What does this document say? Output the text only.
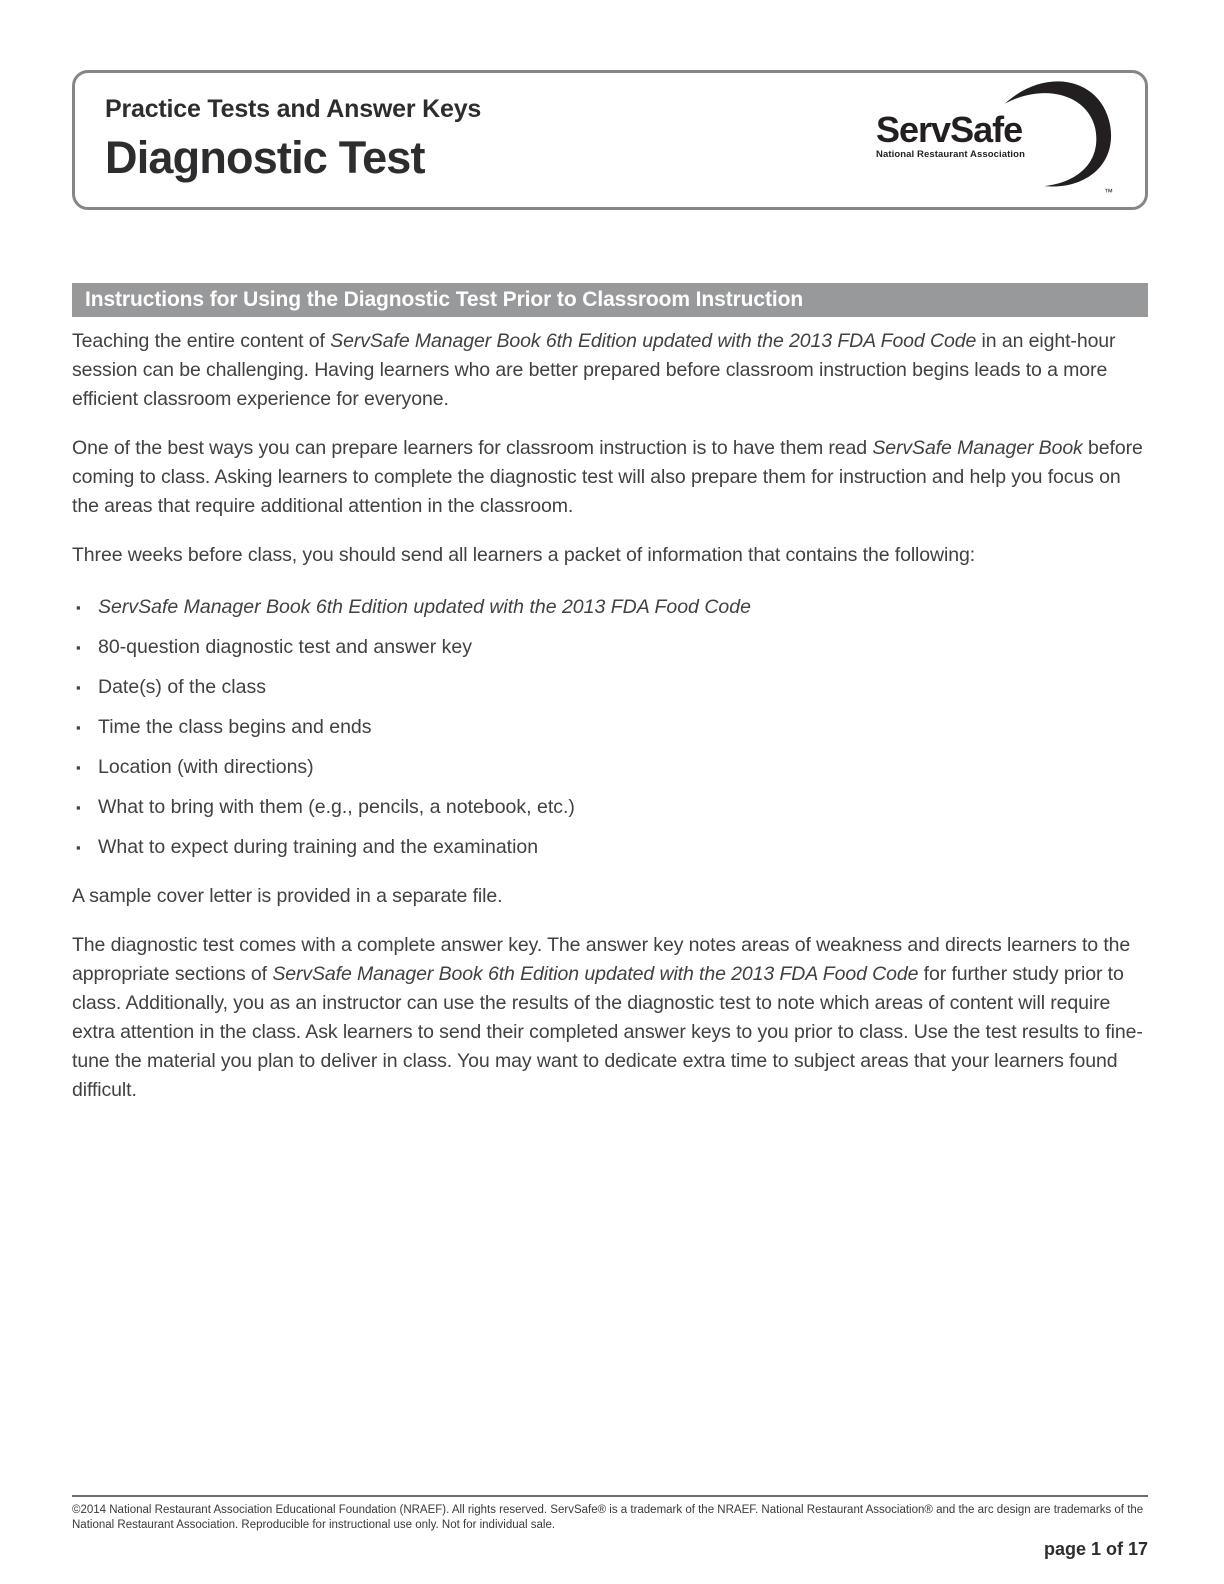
Practice Tests and Answer Keys
Diagnostic Test
ServSafe
National Restaurant Association
™
Instructions for Using the Diagnostic Test Prior to Classroom Instruction

Teaching the entire content of ServSafe Manager Book 6th Edition updated with the 2013 FDA Food Code in an eight-hour session can be challenging. Having learners who are better prepared before classroom instruction begins leads to a more efficient classroom experience for everyone.

One of the best ways you can prepare learners for classroom instruction is to have them read ServSafe Manager Book before coming to class. Asking learners to complete the diagnostic test will also prepare them for instruction and help you focus on the areas that require additional attention in the classroom.

Three weeks before class, you should send all learners a packet of information that contains the following:

▪ ServSafe Manager Book 6th Edition updated with the 2013 FDA Food Code
▪ 80-question diagnostic test and answer key
▪ Date(s) of the class
▪ Time the class begins and ends
▪ Location (with directions)
▪ What to bring with them (e.g., pencils, a notebook, etc.)
▪ What to expect during training and the examination

A sample cover letter is provided in a separate file.

The diagnostic test comes with a complete answer key. The answer key notes areas of weakness and directs learners to the appropriate sections of ServSafe Manager Book 6th Edition updated with the 2013 FDA Food Code for further study prior to class. Additionally, you as an instructor can use the results of the diagnostic test to note which areas of content will require extra attention in the class. Ask learners to send their completed answer keys to you prior to class. Use the test results to fine-tune the material you plan to deliver in class. You may want to dedicate extra time to subject areas that your learners found difficult.

©2014 National Restaurant Association Educational Foundation (NRAEF). All rights reserved. ServSafe® is a trademark of the NRAEF. National Restaurant Association® and the arc design are trademarks of the National Restaurant Association. Reproducible for instructional use only. Not for individual sale.

page 1 of 17
